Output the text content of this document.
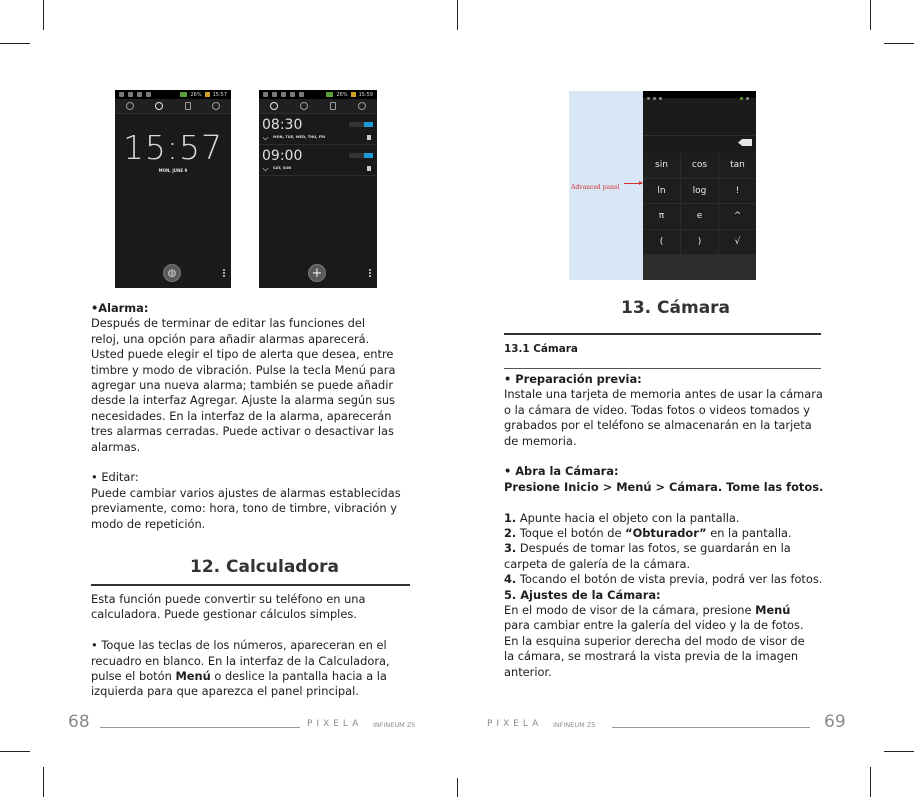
26% 15:57
15:57
MON, JUNE 9
◍
26% 15:59
08:30
MON, TUE, WED, THU, FRI
09:00
SAT, SUN
+

•Alarma:

Después de terminar de editar las funciones del

reloj, una opción para añadir alarmas aparecerá.

Usted puede elegir el tipo de alerta que desea, entre

timbre y modo de vibración. Pulse la tecla Menú para

agregar una nueva alarma; también se puede añadir

desde la interfaz Agregar. Ajuste la alarma según sus

necesidades. En la interfaz de la alarma, aparecerán

tres alarmas cerradas. Puede activar o desactivar las

alarmas.

• Editar:

Puede cambiar varios ajustes de alarmas establecidas

previamente, como: hora, tono de timbre, vibración y

modo de repetición.

12. Calculadora

Esta función puede convertir su teléfono en una

calculadora. Puede gestionar cálculos simples.

• Toque las teclas de los números, apareceran en el

recuadro en blanco. En la interfaz de la Calculadora,

pulse el botón Menú o deslice la pantalla hacia a la

izquierda para que aparezca el panel principal.

68	PIXELA INFINEUM Z5
Advanced panel
sin	cos	tan
ln	log	!
π	e	^
(	)	√
13. Cámara
13.1 Cámara

• Preparación previa:

Instale una tarjeta de memoria antes de usar la cámara

o la cámara de video. Todas fotos o videos tomados y

grabados por el teléfono se almacenarán en la tarjeta

de memoria.

• Abra la Cámara:

Presione Inicio > Menú > Cámara. Tome las fotos.

1. Apunte hacia el objeto con la pantalla.

2. Toque el botón de “Obturador” en la pantalla.

3. Después de tomar las fotos, se guardarán en la

carpeta de galería de la cámara.

4. Tocando el botón de vista previa, podrá ver las fotos.

5. Ajustes de la Cámara:

En el modo de visor de la cámara, presione Menú

para cambiar entre la galería del video y la de fotos.

En la esquina superior derecha del modo de visor de

la cámara, se mostrará la vista previa de la imagen

anterior.

PIXELA INFINEUM Z5	69
